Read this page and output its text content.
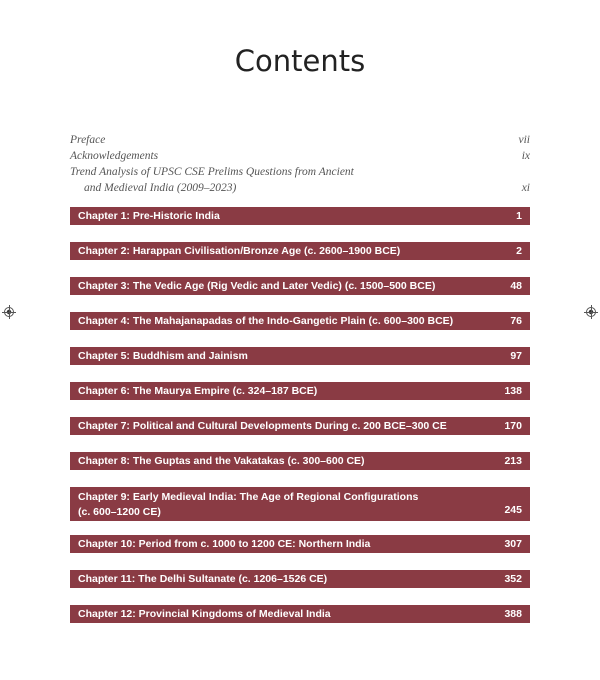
Contents
Preface	vii
Acknowledgements	ix
Trend Analysis of UPSC CSE Prelims Questions from Ancient
and Medieval India (2009–2023)	xi
Chapter 1: Pre-Historic India	1
Chapter 2: Harappan Civilisation/Bronze Age (c. 2600–1900 BCE)	2
Chapter 3: The Vedic Age (Rig Vedic and Later Vedic) (c. 1500–500 BCE)	48
Chapter 4: The Mahajanapadas of the Indo-Gangetic Plain (c. 600–300 BCE)	76
Chapter 5: Buddhism and Jainism	97
Chapter 6: The Maurya Empire (c. 324–187 BCE)	138
Chapter 7: Political and Cultural Developments During c. 200 BCE–300 CE	170
Chapter 8: The Guptas and the Vakatakas (c. 300–600 CE)	213
Chapter 9: Early Medieval India: The Age of Regional Configurations
(c. 600–1200 CE)	245
Chapter 10: Period from c. 1000 to 1200 CE: Northern India	307
Chapter 11: The Delhi Sultanate (c. 1206–1526 CE)	352
Chapter 12: Provincial Kingdoms of Medieval India	388
